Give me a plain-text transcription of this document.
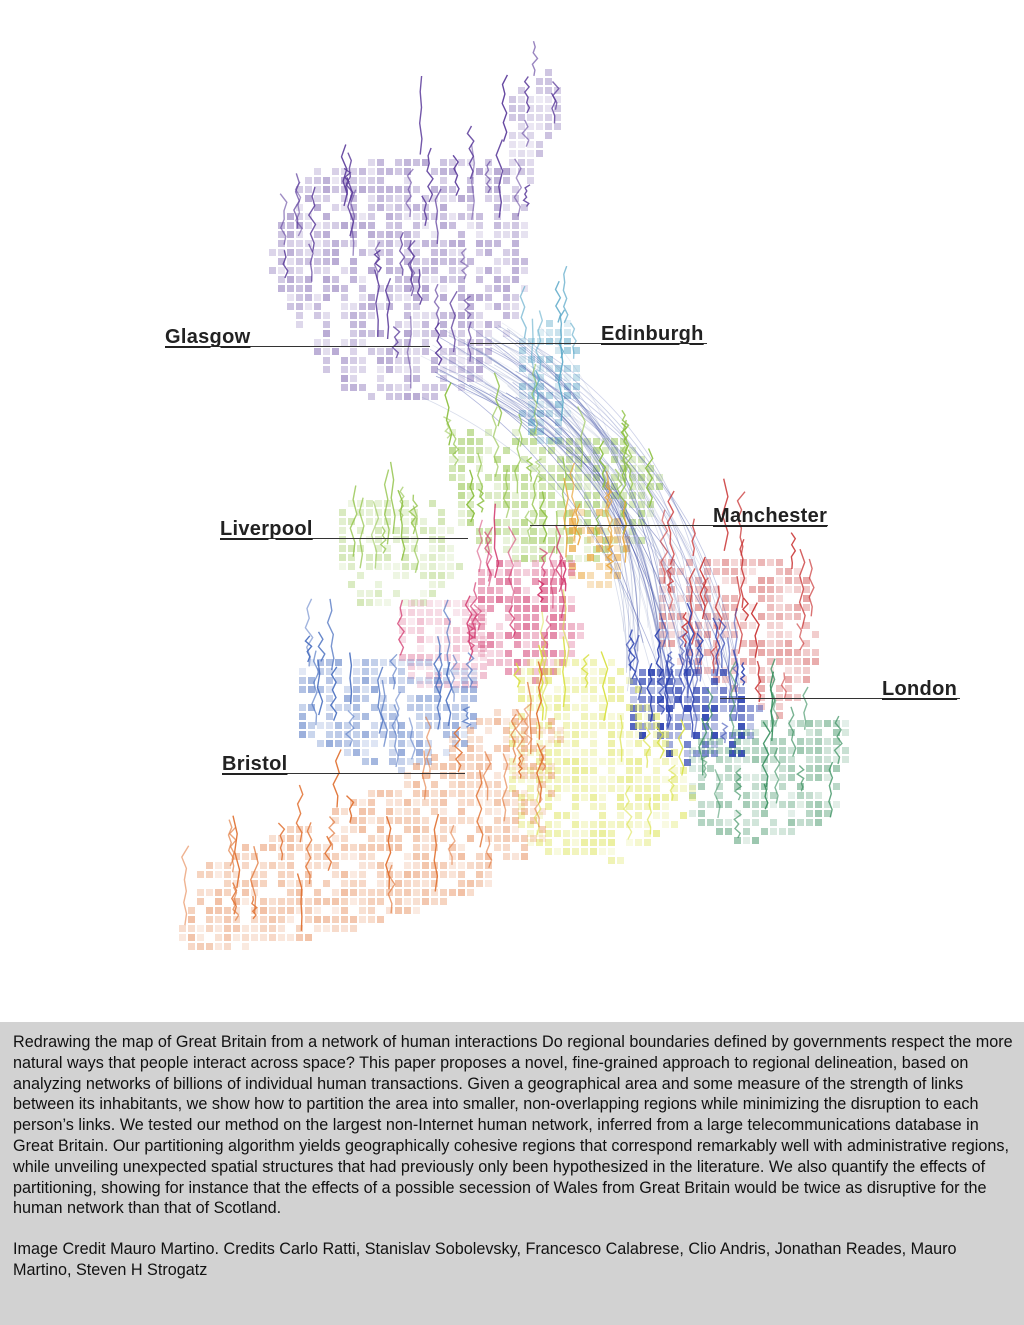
Glasgow	Edinburgh
Liverpool
Manchester
London
Bristol

Redrawing the map of Great Britain from a network of human interactions Do regional boundaries defined by governments respect the more natural ways that people interact across space? This paper proposes a novel, fine-grained approach to regional delineation, based on analyzing networks of billions of individual human transactions. Given a geographical area and some measure of the strength of links between its inhabitants, we show how to partition the area into smaller, non-overlapping regions while minimizing the disruption to each person’s links. We tested our method on the largest non-Internet human network, inferred from a large telecommunications database in Great Britain. Our partitioning algorithm yields geographically cohesive regions that correspond remarkably well with administrative regions, while unveiling unexpected spatial structures that had previously only been hypothesized in the literature. We also quantify the effects of partitioning, showing for instance that the effects of a possible secession of Wales from Great Britain would be twice as disruptive for the human network than that of Scotland.

Image Credit Mauro Martino. Credits Carlo Ratti, Stanislav Sobolevsky, Francesco Calabrese, Clio Andris, Jonathan Reades, Mauro Martino, Steven H Strogatz
